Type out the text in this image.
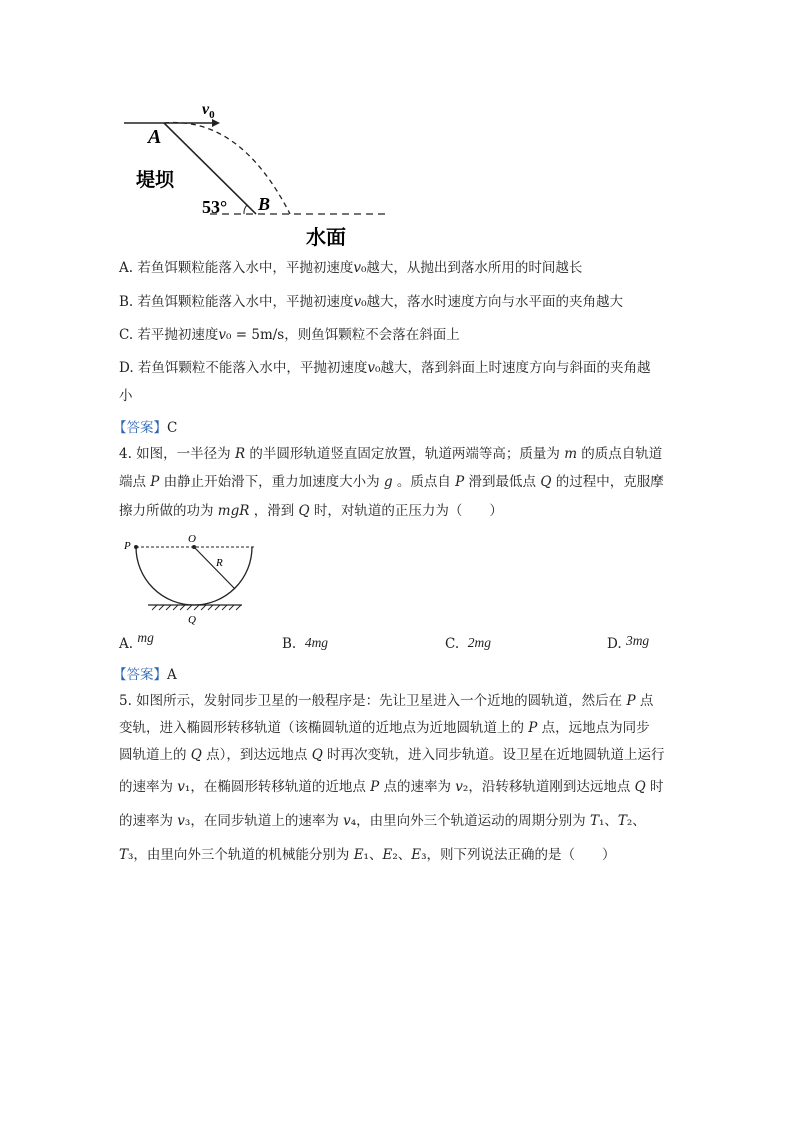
$v_0$
A
B
堤坝
53°
水面
A. 若鱼饵颗粒能落入水中，平抛初速度𝑣₀越大，从抛出到落水所用的时间越长
B. 若鱼饵颗粒能落入水中，平抛初速度𝑣₀越大，落水时速度方向与水平面的夹角越大
C. 若平抛初速度𝑣₀ = 5m/s，则鱼饵颗粒不会落在斜面上
D. 若鱼饵颗粒不能落入水中，平抛初速度𝑣₀越大，落到斜面上时速度方向与斜面的夹角越
小
【答案】C
4. 如图，一半径为 𝑅 的半圆形轨道竖直固定放置，轨道两端等高；质量为 𝑚 的质点自轨道
端点 𝑃 由静止开始滑下，重力加速度大小为 𝑔 。质点自 𝑃 滑到最低点 𝑄 的过程中，克服摩
擦力所做的功为 𝑚𝑔𝑅 ，滑到 𝑄 时，对轨道的正压力为（　　）
P
O
R
Q
A. mg	B. 4mg	C. 2mg	D. 3mg
【答案】A
5. 如图所示，发射同步卫星的一般程序是：先让卫星进入一个近地的圆轨道，然后在 𝑃 点
变轨，进入椭圆形转移轨道（该椭圆轨道的近地点为近地圆轨道上的 𝑃 点，远地点为同步
圆轨道上的 𝑄 点），到达远地点 𝑄 时再次变轨，进入同步轨道。设卫星在近地圆轨道上运行
的速率为 𝑣₁，在椭圆形转移轨道的近地点 𝑃 点的速率为 𝑣₂，沿转移轨道刚到达远地点 𝑄 时
的速率为 𝑣₃，在同步轨道上的速率为 𝑣₄，由里向外三个轨道运动的周期分别为 𝑇₁、𝑇₂、
𝑇₃，由里向外三个轨道的机械能分别为 𝐸₁、𝐸₂、𝐸₃，则下列说法正确的是（　　）
